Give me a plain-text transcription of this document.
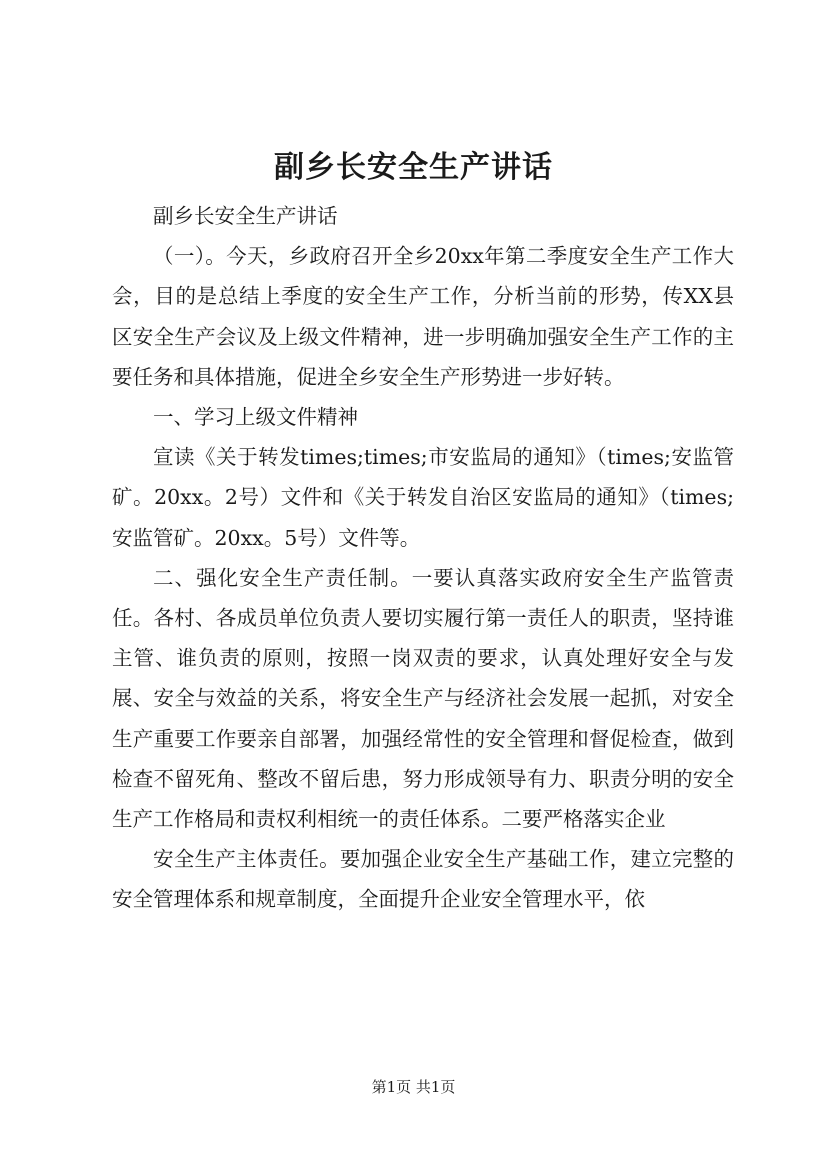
副乡长安全生产讲话

副乡长安全生产讲话

（一）。今天，乡政府召开全乡20xx年第二季度安全生产工作大会，目的是总结上季度的安全生产工作，分析当前的形势，传XX县区安全生产会议及上级文件精神，进一步明确加强安全生产工作的主要任务和具体措施，促进全乡安全生产形势进一步好转。

一、学习上级文件精神

宣读《关于转发times;times;市安监局的通知》（times;安监管矿。20xx。2号）文件和《关于转发自治区安监局的通知》（times;安监管矿。20xx。5号）文件等。

二、强化安全生产责任制。一要认真落实政府安全生产监管责任。各村、各成员单位负责人要切实履行第一责任人的职责，坚持谁主管、谁负责的原则，按照一岗双责的要求，认真处理好安全与发展、安全与效益的关系，将安全生产与经济社会发展一起抓，对安全生产重要工作要亲自部署，加强经常性的安全管理和督促检查，做到检查不留死角、整改不留后患，努力形成领导有力、职责分明的安全生产工作格局和责权利相统一的责任体系。二要严格落实企业

安全生产主体责任。要加强企业安全生产基础工作，建立完整的安全管理体系和规章制度，全面提升企业安全管理水平，依

第1页 共1页
